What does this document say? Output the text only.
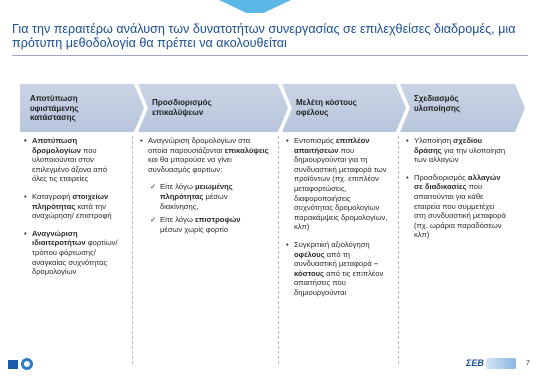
Για την περαιτέρω ανάλυση των δυνατοτήτων συνεργασίας σε επιλεχθείσες διαδρομές, μια πρότυπη μεθοδολογία θα πρέπει να ακολουθείται
Αποτύπωση υφιστάμενης κατάστασης
Προσδιορισμός επικαλύψεων
Μελέτη κόστους οφέλους
Σχεδιασμός υλοποίησης
• Αποτύπωση δρομολογίων που υλοποιούνται στον επιλεγμένο άξονα από όλες τις εταιρείες
• Καταγραφή στοιχείων πληρότητας κατά την αναχώρηση/ επιστροφή
• Αναγνώριση ιδιαιτεροτήτων φορτίων/ τρόπου φόρτωσης/ αναγκαίας συχνότητας δρομολογίων
• Αναγνώριση δρομολογίων στα οποία παρουσιάζονται επικαλύψεις και θα μπορούσε να γίνει συνδυασμός φορτίων:
✓ Είτε λόγω μειωμένης πληρότητας μέσων διακίνησης,
✓ Είτε λόγω επιστροφών μέσων χωρίς φορτίο
• Εντοπισμός επιπλέον απαιτήσεων που δημιουργούνται για τη συνδυαστική μεταφορά των προϊόντων (πχ. επιπλέον μεταφορτώσεις, διαφοροποιήσεις συχνότητας δρομολογίων παρακάμψεις δρομολογίων, κλπ)
• Συγκριτική αξιολόγηση οφέλους από τη συνδυαστική μεταφορά –κόστους από τις επιπλέον απαιτήσεις που δημιουργούνται
• Υλοποίηση σχεδίου δράσης για την υλοποίηση των αλλαγών
• Προσδιορισμός αλλαγών σε διαδικασίες που απαιτούνται για κάθε εταιρεία που συμμετέχει στη συνδυαστική μεταφορά (πχ. ωράρια παραδόσεων κλπ)
ΣΕΒ	7
